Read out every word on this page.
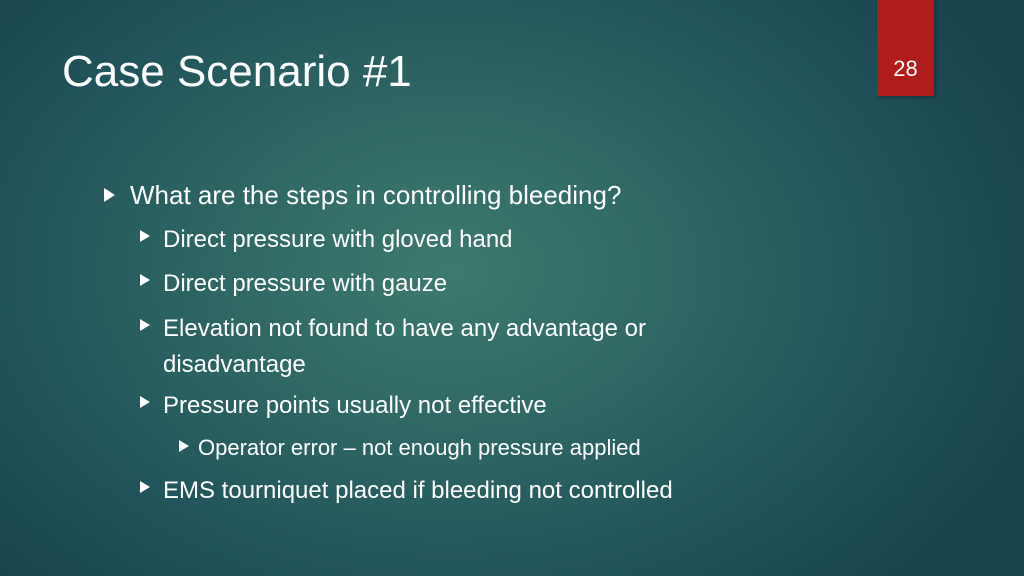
Case Scenario #1	28
What are the steps in controlling bleeding?
Direct pressure with gloved hand
Direct pressure with gauze
Elevation not found to have any advantage or
disadvantage
Pressure points usually not effective
Operator error – not enough pressure applied
EMS tourniquet placed if bleeding not controlled
